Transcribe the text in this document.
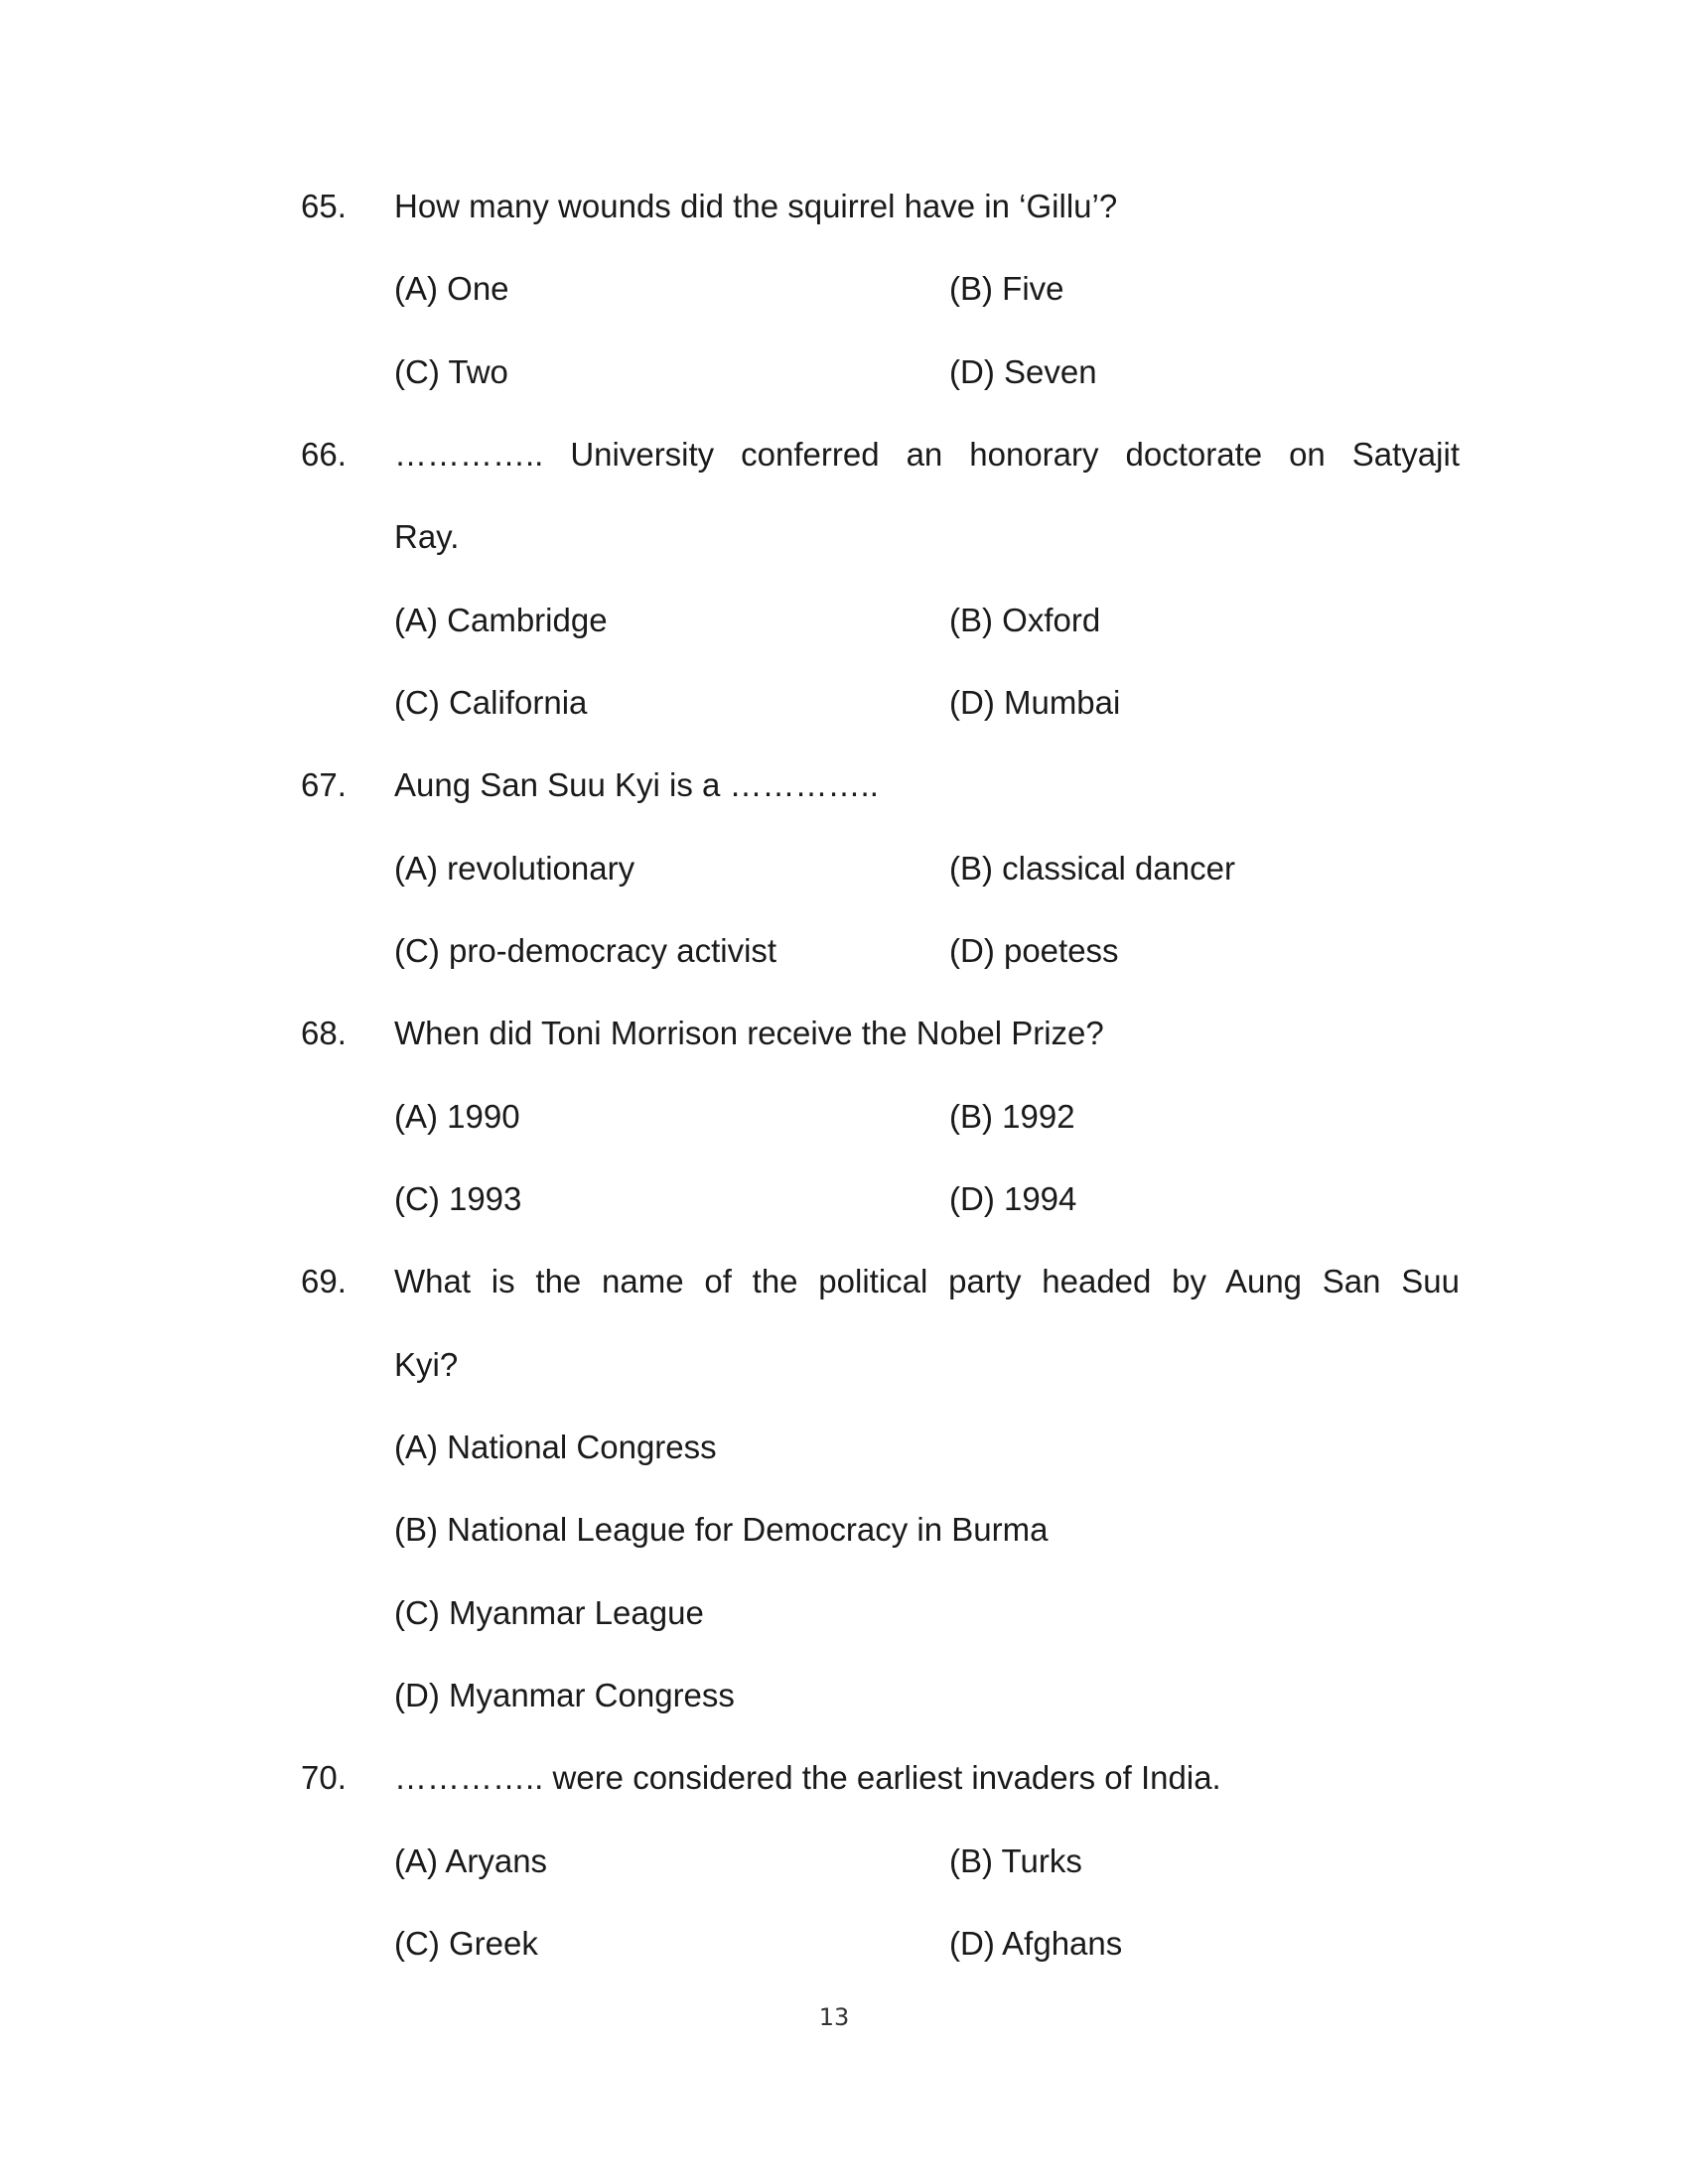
65. How many wounds did the squirrel have in ‘Gillu’?
(A) One	(B) Five
(C) Two	(D) Seven
66. ………….. University conferred an honorary doctorate on Satyajit
Ray.
(A) Cambridge	(B) Oxford
(C) California	(D) Mumbai
67. Aung San Suu Kyi is a …………..
(A) revolutionary	(B) classical dancer
(C) pro-democracy activist	(D) poetess
68. When did Toni Morrison receive the Nobel Prize?
(A) 1990	(B) 1992
(C) 1993	(D) 1994
69. What is the name of the political party headed by Aung San Suu
Kyi?
(A) National Congress
(B) National League for Democracy in Burma
(C) Myanmar League
(D) Myanmar Congress
70. ………….. were considered the earliest invaders of India.
(A) Aryans	(B) Turks
(C) Greek	(D) Afghans
13
